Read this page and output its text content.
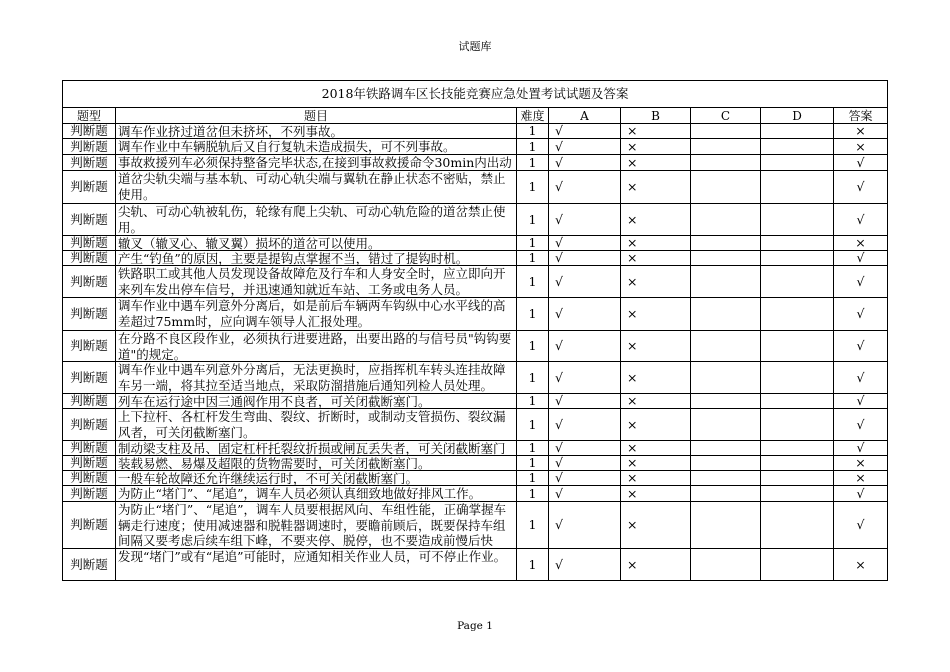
试题库
2018年铁路调车区长技能竞赛应急处置考试试题及答案							
题型	题目	难度	A	B	C	D	答案
判断题	调车作业挤过道岔但未挤坏，不列事故。	1	√	×			×
判断题	调车作业中车辆脱轨后又自行复轨未造成损失，可不列事故。	1	√	×			×
判断题	事故救援列车必须保持整备完毕状态,在接到事故救援命令30min内出动	1	√	×			√
判断题	道岔尖轨尖端与基本轨、可动心轨尖端与翼轨在静止状态不密贴，禁止使用。	1	√	×			√
判断题	尖轨、可动心轨被轧伤，轮缘有爬上尖轨、可动心轨危险的道岔禁止使用。	1	√	×			√
判断题	辙叉（辙叉心、辙叉翼）损坏的道岔可以使用。	1	√	×			×
判断题	产生“钓鱼”的原因，主要是提钩点掌握不当，错过了提钩时机。	1	√	×			√
判断题	铁路职工或其他人员发现设备故障危及行车和人身安全时，应立即向开来列车发出停车信号，并迅速通知就近车站、工务或电务人员。	1	√	×			√
判断题	调车作业中遇车列意外分离后，如是前后车辆两车钩纵中心水平线的高差超过75mm时，应向调车领导人汇报处理。	1	√	×			√
判断题	在分路不良区段作业，必须执行进要进路，出要出路的与信号员"钩钩要道"的规定。	1	√	×			√
判断题	调车作业中遇车列意外分离后，无法更换时，应指挥机车转头连挂故障车另一端，将其拉至适当地点，采取防溜措施后通知列检人员处理。	1	√	×			√
判断题	列车在运行途中因三通阀作用不良者，可关闭截断塞门。	1	√	×			√
判断题	上下拉杆、各杠杆发生弯曲、裂纹、折断时，或制动支管损伤、裂纹漏风者，可关闭截断塞门。	1	√	×			√
判断题	制动梁支柱及吊、固定杠杆托裂纹折损或闸瓦丢失者，可关闭截断塞门	1	√	×			√
判断题	装载易燃、易爆及超限的货物需要时，可关闭截断塞门。	1	√	×			×
判断题	一般车轮故障还允许继续运行时，不可关闭截断塞门。	1	√	×			×
判断题	为防止“堵门”、“尾追”，调车人员必须认真细致地做好排风工作。	1	√	×			√
判断题	为防止“堵门”、“尾追”，调车人员要根据风向、车组性能，正确掌握车辆走行速度；使用减速器和脱鞋器调速时，要瞻前顾后，既要保持车组间隔又要考虑后续车组下峰，不要夹停、脱停，也不要造成前慢后快	1	√	×			√
判断题	发现“堵门”或有“尾追”可能时，应通知相关作业人员，可不停止作业。	1	√	×			×
Page 1
